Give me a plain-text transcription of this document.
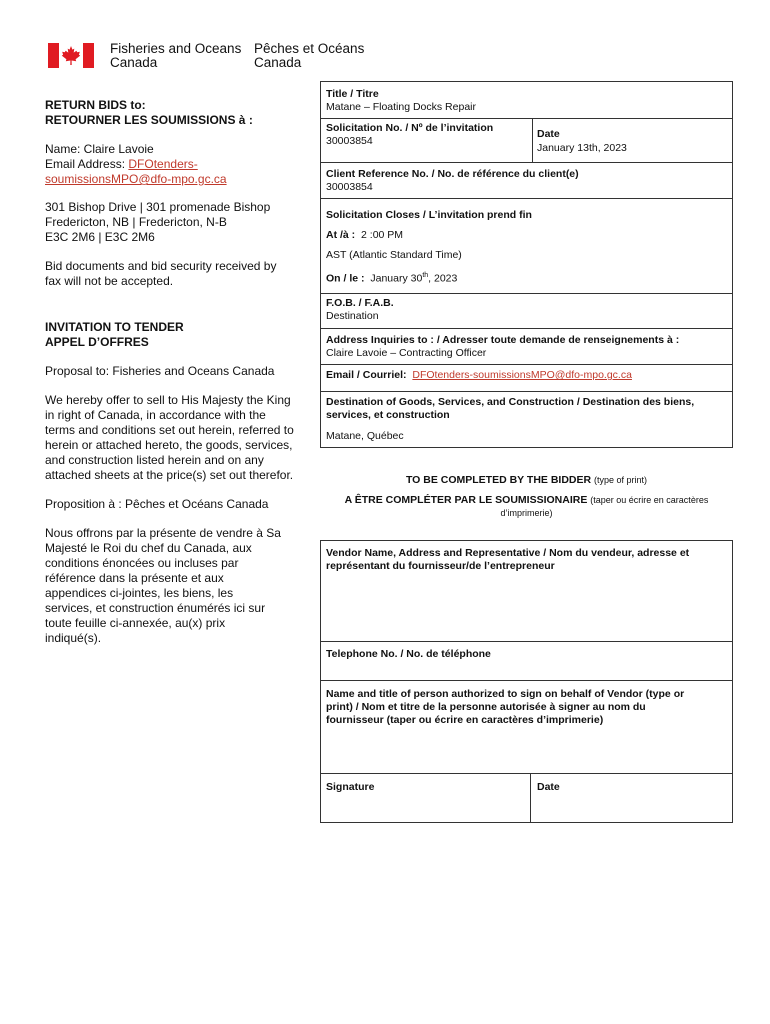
Fisheries and Oceans
Canada
Pêches et Océans
Canada
RETURN BIDS to:
RETOURNER LES SOUMISSIONS à :
Name: Claire Lavoie
Email Address: DFOtenders-
soumissionsMPO@dfo-mpo.gc.ca
301 Bishop Drive | 301 promenade Bishop
Fredericton, NB | Fredericton, N-B
E3C 2M6 | E3C 2M6
Bid documents and bid security received by
fax will not be accepted.
INVITATION TO TENDER
APPEL D’OFFRES
Proposal to: Fisheries and Oceans Canada
We hereby offer to sell to His Majesty the King
in right of Canada, in accordance with the
terms and conditions set out herein, referred to
herein or attached hereto, the goods, services,
and construction listed herein and on any
attached sheets at the price(s) set out therefor.
Proposition à : Pêches et Océans Canada
Nous offrons par la présente de vendre à Sa
Majesté le Roi du chef du Canada, aux
conditions énoncées ou incluses par
référence dans la présente et aux
appendices ci-jointes, les biens, les
services, et construction énumérés ici sur
toute feuille ci-annexée, au(x) prix
indiqué(s).
Title / Titre
Matane – Floating Docks Repair
Solicitation No. / Nº de l’invitation
30003854
Date
January 13th, 2023
Client Reference No. / No. de référence du client(e)
30003854
Solicitation Closes / L’invitation prend fin
At /à : 2 :00 PM
AST (Atlantic Standard Time)
On / le : January 30th, 2023
F.O.B. / F.A.B.
Destination
Address Inquiries to : / Adresser toute demande de renseignements à :
Claire Lavoie – Contracting Officer
Email / Courriel: DFOtenders-soumissionsMPO@dfo-mpo.gc.ca
Destination of Goods, Services, and Construction / Destination des biens,
services, et construction
Matane, Québec
TO BE COMPLETED BY THE BIDDER (type of print)
A ÊTRE COMPLÉTER PAR LE SOUMISSIONAIRE (taper ou écrire en caractères
d’imprimerie)
Vendor Name, Address and Representative / Nom du vendeur, adresse et
représentant du fournisseur/de l’entrepreneur
Telephone No. / No. de téléphone
Name and title of person authorized to sign on behalf of Vendor (type or
print) / Nom et titre de la personne autorisée à signer au nom du
fournisseur (taper ou écrire en caractères d’imprimerie)
Signature	Date
